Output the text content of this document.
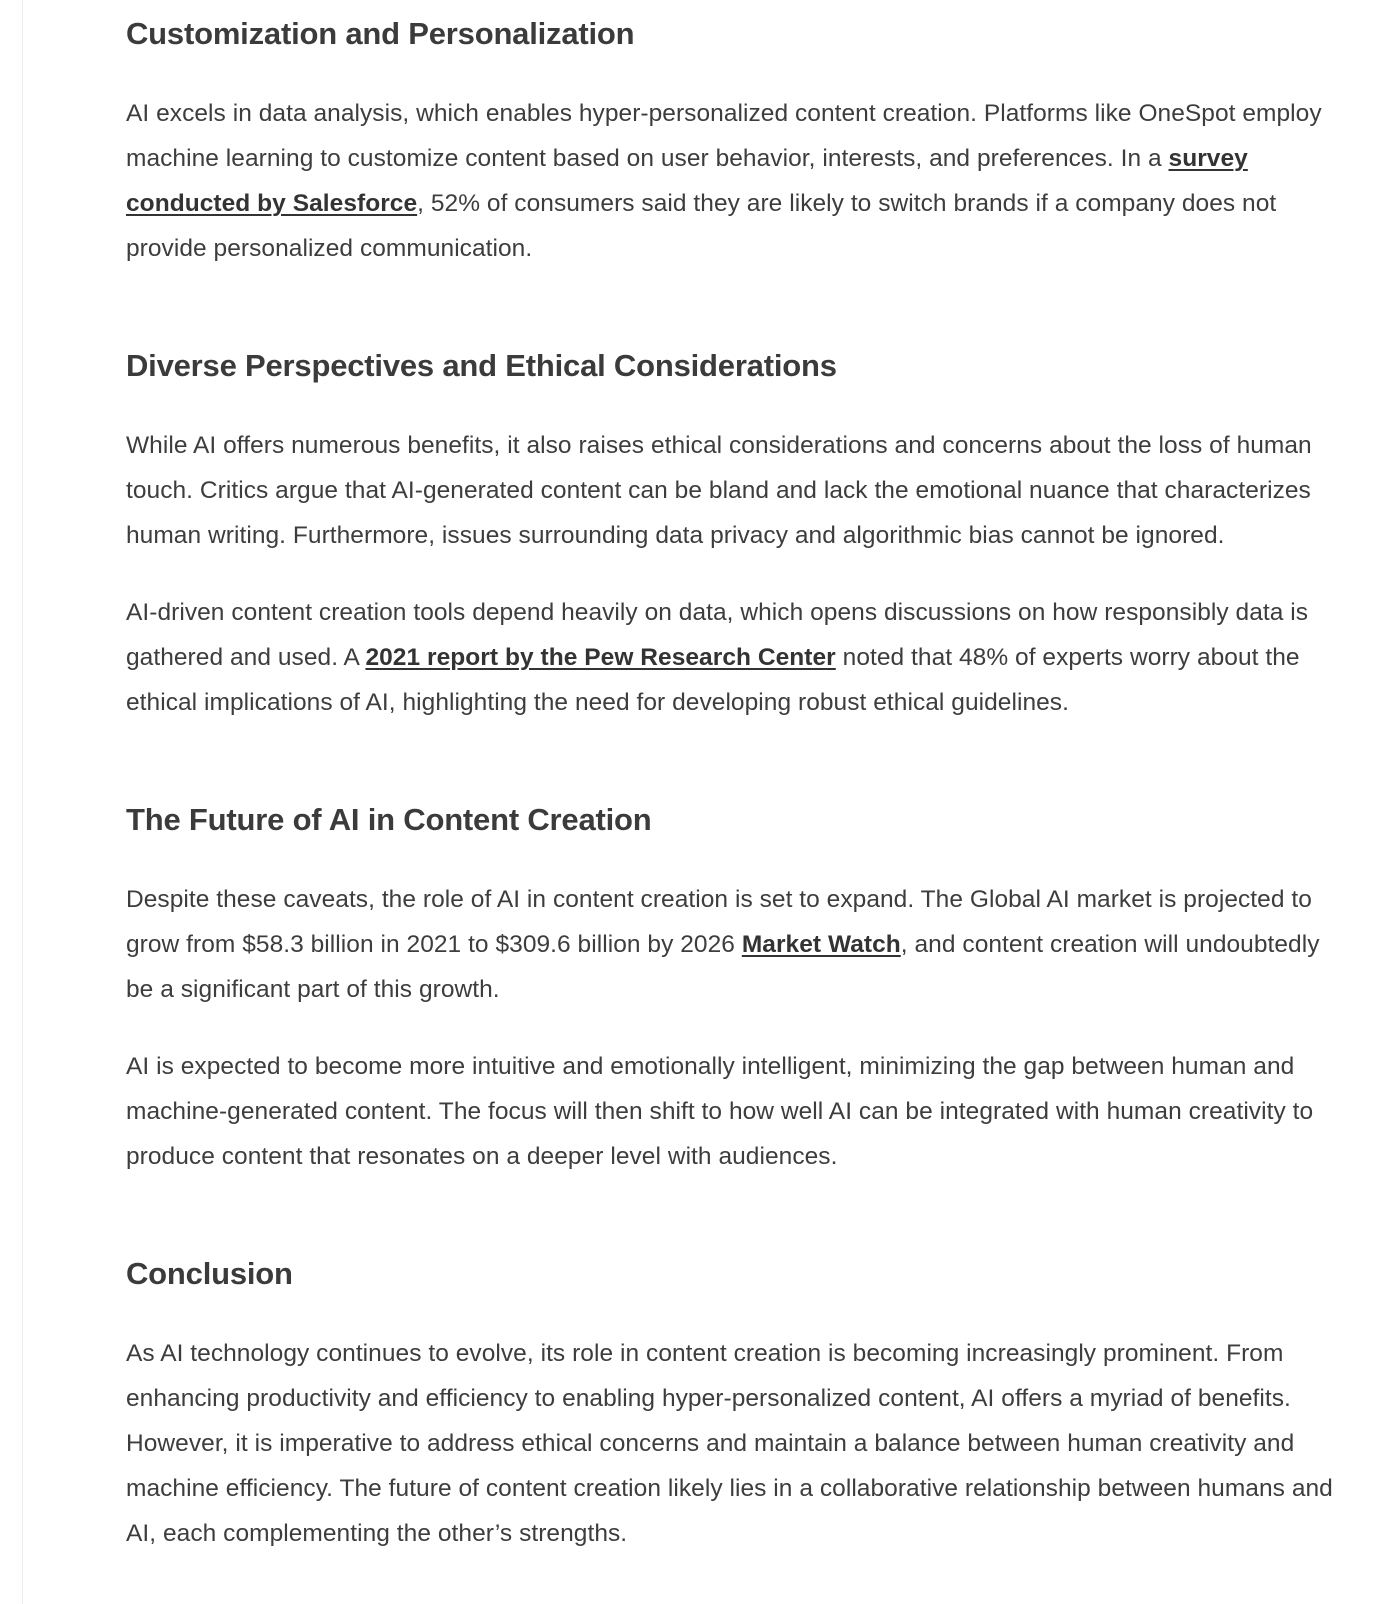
Customization and Personalization

AI excels in data analysis, which enables hyper-personalized content creation. Platforms like OneSpot employ machine learning to customize content based on user behavior, interests, and preferences. In a survey conducted by Salesforce, 52% of consumers said they are likely to switch brands if a company does not provide personalized communication.

Diverse Perspectives and Ethical Considerations

While AI offers numerous benefits, it also raises ethical considerations and concerns about the loss of human touch. Critics argue that AI-generated content can be bland and lack the emotional nuance that characterizes human writing. Furthermore, issues surrounding data privacy and algorithmic bias cannot be ignored.

AI-driven content creation tools depend heavily on data, which opens discussions on how responsibly data is gathered and used. A 2021 report by the Pew Research Center noted that 48% of experts worry about the ethical implications of AI, highlighting the need for developing robust ethical guidelines.

The Future of AI in Content Creation

Despite these caveats, the role of AI in content creation is set to expand. The Global AI market is projected to grow from $58.3 billion in 2021 to $309.6 billion by 2026 Market Watch, and content creation will undoubtedly be a significant part of this growth.

AI is expected to become more intuitive and emotionally intelligent, minimizing the gap between human and machine-generated content. The focus will then shift to how well AI can be integrated with human creativity to produce content that resonates on a deeper level with audiences.

Conclusion

As AI technology continues to evolve, its role in content creation is becoming increasingly prominent. From enhancing productivity and efficiency to enabling hyper-personalized content, AI offers a myriad of benefits. However, it is imperative to address ethical concerns and maintain a balance between human creativity and machine efficiency. The future of content creation likely lies in a collaborative relationship between humans and AI, each complementing the other’s strengths.
